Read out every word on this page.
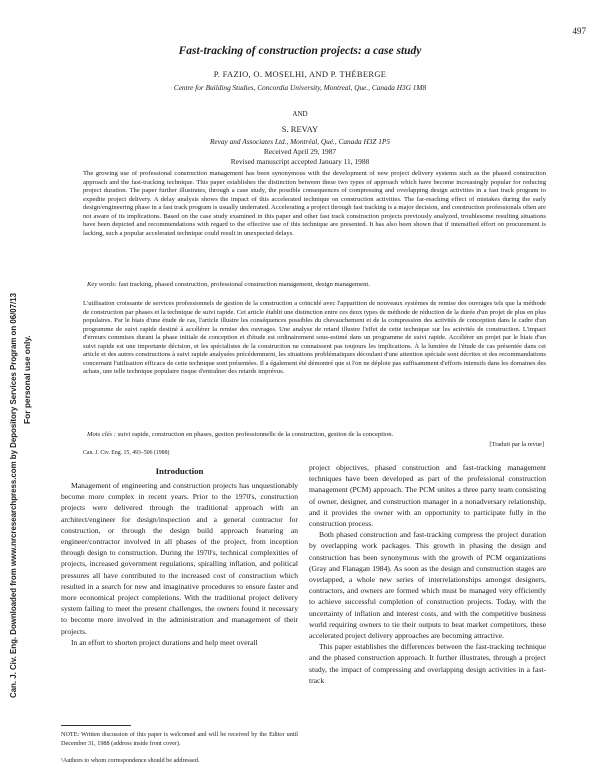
497
Fast-tracking of construction projects: a case study
P. FAZIO, O. MOSELHI, AND P. THÉBERGE
Centre for Building Studies, Concordia University, Montreal, Que., Canada H3G 1M8
AND
S. REVAY
Revay and Associates Ltd., Montréal, Qué., Canada H3Z 1P5
Received April 29, 1987
Revised manuscript accepted January 11, 1988
The growing use of professional construction management has been synonymous with the development of new project delivery systems such as the phased construction approach and the fast-tracking technique. This paper establishes the distinction between these two types of approach which have become increasingly popular for reducing project duration. The paper further illustrates, through a case study, the possible consequences of compressing and overlapping design activities in a fast track program to expedite project delivery. A delay analysis shows the impact of this accelerated technique on construction activities. The far-reaching effect of mistakes during the early design/engineering phase in a fast track program is usually underrated. Accelerating a project through fast tracking is a major decision, and construction professionals often are not aware of its implications. Based on the case study examined in this paper and other fast track construction projects previously analyzed, troublesome resulting situations have been depicted and recommendations with regard to the effective use of this technique are presented. It has also been shown that if intensified effort on procurement is lacking, such a popular accelerated technique could result in unexpected delays.
Key words: fast tracking, phased construction, professional construction management, design management.
L'utilisation croissante de services professionnels de gestion de la construction a coïncidé avec l'apparition de nouveaux systèmes de remise des ouvrages tels que la méthode de construction par phases et la technique de suivi rapide. Cet article établit une distinction entre ces deux types de méthode de réduction de la durée d'un projet de plus en plus populaires. Par le biais d'une étude de cas, l'article illustre les conséquences possibles du chevauchement et de la compression des activités de conception dans le cadre d'un programme de suivi rapide destiné à accélérer la remise des ouvrages. Une analyse de retard illustre l'effet de cette technique sur les activités de construction. L'impact d'erreurs commises durant la phase initiale de conception et d'étude est ordinairement sous-estimé dans un programme de suivi rapide. Accélérer un projet par le biais d'un suivi rapide est une importante décision, et les spécialistes de la construction ne connaissent pas toujours les implications. À la lumière de l'étude de cas présentée dans cet article et des autres constructions à suivi rapide analysées précédemment, les situations problématiques découlant d'une attention spéciale sont décrites et des recommandations concernant l'utilisation efficace de cette technique sont présentées. Il a également été démontré que si l'on ne déploie pas suffisamment d'efforts intensifs dans les domaines des achats, une telle technique populaire risque d'entraîner des retards imprévus.
Mots clés : suivi rapide, construction en phases, gestion professionnelle de la construction, gestion de la conception.
[Traduit par la revue]
Can. J. Civ. Eng. 15, 493–506 (1988)
Can. J. Civ. Eng. Downloaded from www.nrcresearchpress.com by Depository Services Program on 06/07/13 For personal use only.
Introduction

Management of engineering and construction projects has unquestionably become more complex in recent years. Prior to the 1970's, construction projects were delivered through the traditional approach with an architect/engineer for design/inspection and a general contractor for construction, or through the design build approach featuring an engineer/contractor involved in all phases of the project, from inception through design to construction. During the 1970's, technical complexities of projects, increased government regulations, spiralling inflation, and political pressures all have contributed to the increased cost of construction which resulted in a search for new and imaginative procedures to ensure faster and more economical project completions. With the traditional project delivery system failing to meet the present challenges, the owners found it necessary to become more involved in the administration and management of their projects.

In an effort to shorten project durations and help meet overall

project objectives, phased construction and fast-tracking management techniques have been developed as part of the professional construction management (PCM) approach. The PCM unites a three party team consisting of owner, designer, and construction manager in a nonadversary relationship, and it provides the owner with an opportunity to participate fully in the construction process.

Both phased construction and fast-tracking compress the project duration by overlapping work packages. This growth in phasing the design and construction has been synonymous with the growth of PCM organizations (Gray and Flanagan 1984). As soon as the design and construction stages are overlapped, a whole new series of interrelationships amongst designers, contractors, and owners are formed which must be managed very efficiently to achieve successful completion of construction projects. Today, with the uncertainty of inflation and interest costs, and with the competitive business world requiring owners to tie their outputs to beat market competitors, these accelerated project delivery approaches are becoming attractive.

This paper establishes the differences between the fast-tracking technique and the phased construction approach. It further illustrates, through a project study, the impact of compressing and overlapping design activities in a fast-track

NOTE: Written discussion of this paper is welcomed and will be received by the Editor until December 31, 1988 (address inside front cover).
¹Authors to whom correspondence should be addressed.
